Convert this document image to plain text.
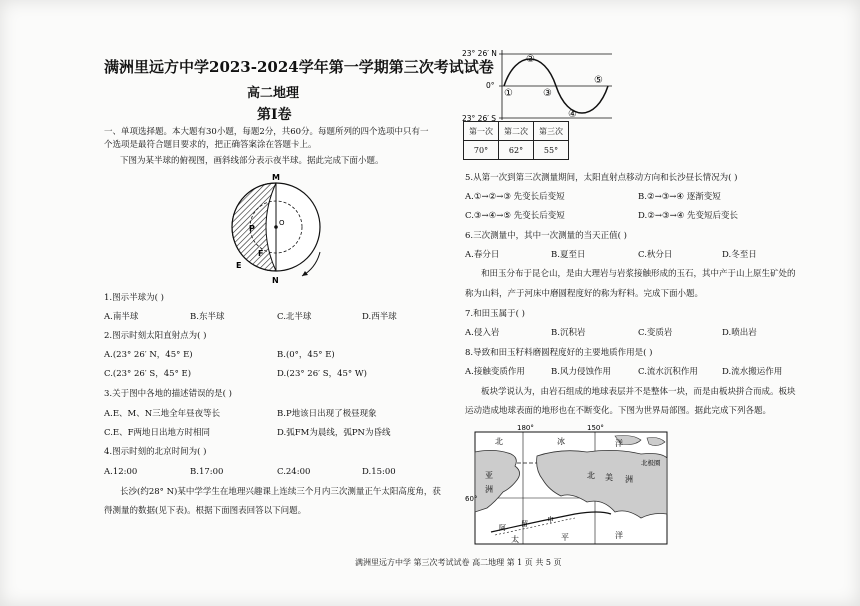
满洲里远方中学2023-2024学年第一学期第三次考试试卷
高二地理
第Ⅰ卷
一、单项选择题。本大题有30小题，每题2分，共60分。每题所列的四个选项中只有一
个选项是最符合题目要求的，把正确答案涂在答题卡上。
下图为某半球的俯视图，画斜线部分表示夜半球。据此完成下面小题。
M
N
P
E
F
O
1.图示半球为( )
A.南半球	B.东半球	C.北半球	D.西半球
2.图示时刻太阳直射点为( )
A.(23° 26′ N，45° E)	B.(0°，45° E)
C.(23° 26′ S，45° E)	D.(23° 26′ S，45° W)
3.关于图中各地的描述错误的是( )
A.E、M、N三地全年昼夜等长	B.P地该日出现了极昼现象
C.E、F两地日出地方时相同	D.弧FM为晨线，弧PN为昏线
4.图示时刻的北京时间为( )
A.12:00	B.17:00	C.24:00	D.15:00
长沙(约28° N)某中学学生在地理兴趣课上连续三个月内三次测量正午太阳高度角，获
得测量的数据(见下表)。根据下面图表回答以下问题。
23° 26′ N
0°
23° 26′ S
①
②
③
④
⑤
第一次	第二次	第三次
70°	62°	55°
5.从第一次到第三次测量期间，太阳直射点移动方向和长沙昼长情况为( )
A.①→②→③ 先变长后变短	B.②→③→④ 逐渐变短
C.③→④→⑤ 先变长后变短	D.②→③→④ 先变短后变长
6.三次测量中，其中一次测量的当天正值( )
A.春分日	B.夏至日	C.秋分日	D.冬至日
和田玉分布于昆仑山，是由大理岩与岩浆接触形成的玉石，其中产于山上原生矿处的
称为山料，产于河床中磨圆程度好的称为籽料。完成下面小题。
7.和田玉属于( )
A.侵入岩	B.沉积岩	C.变质岩	D.喷出岩
8.导致和田玉籽料磨圆程度好的主要地质作用是( )
A.接触变质作用	B.风力侵蚀作用	C.流水沉积作用	D.流水搬运作用
板块学说认为，由岩石组成的地球表层并不是整体一块，而是由板块拼合而成。板块
运动造成地球表面的地形也在不断变化。下图为世界局部图。据此完成下列各题。
180°	150°
60°
北	冰	洋
北极圈
亚
洲
北 美 洲
阿 留	申
太	平	洋
满洲里远方中学 第三次考试试卷 高二地理 第 1 页 共 5 页
